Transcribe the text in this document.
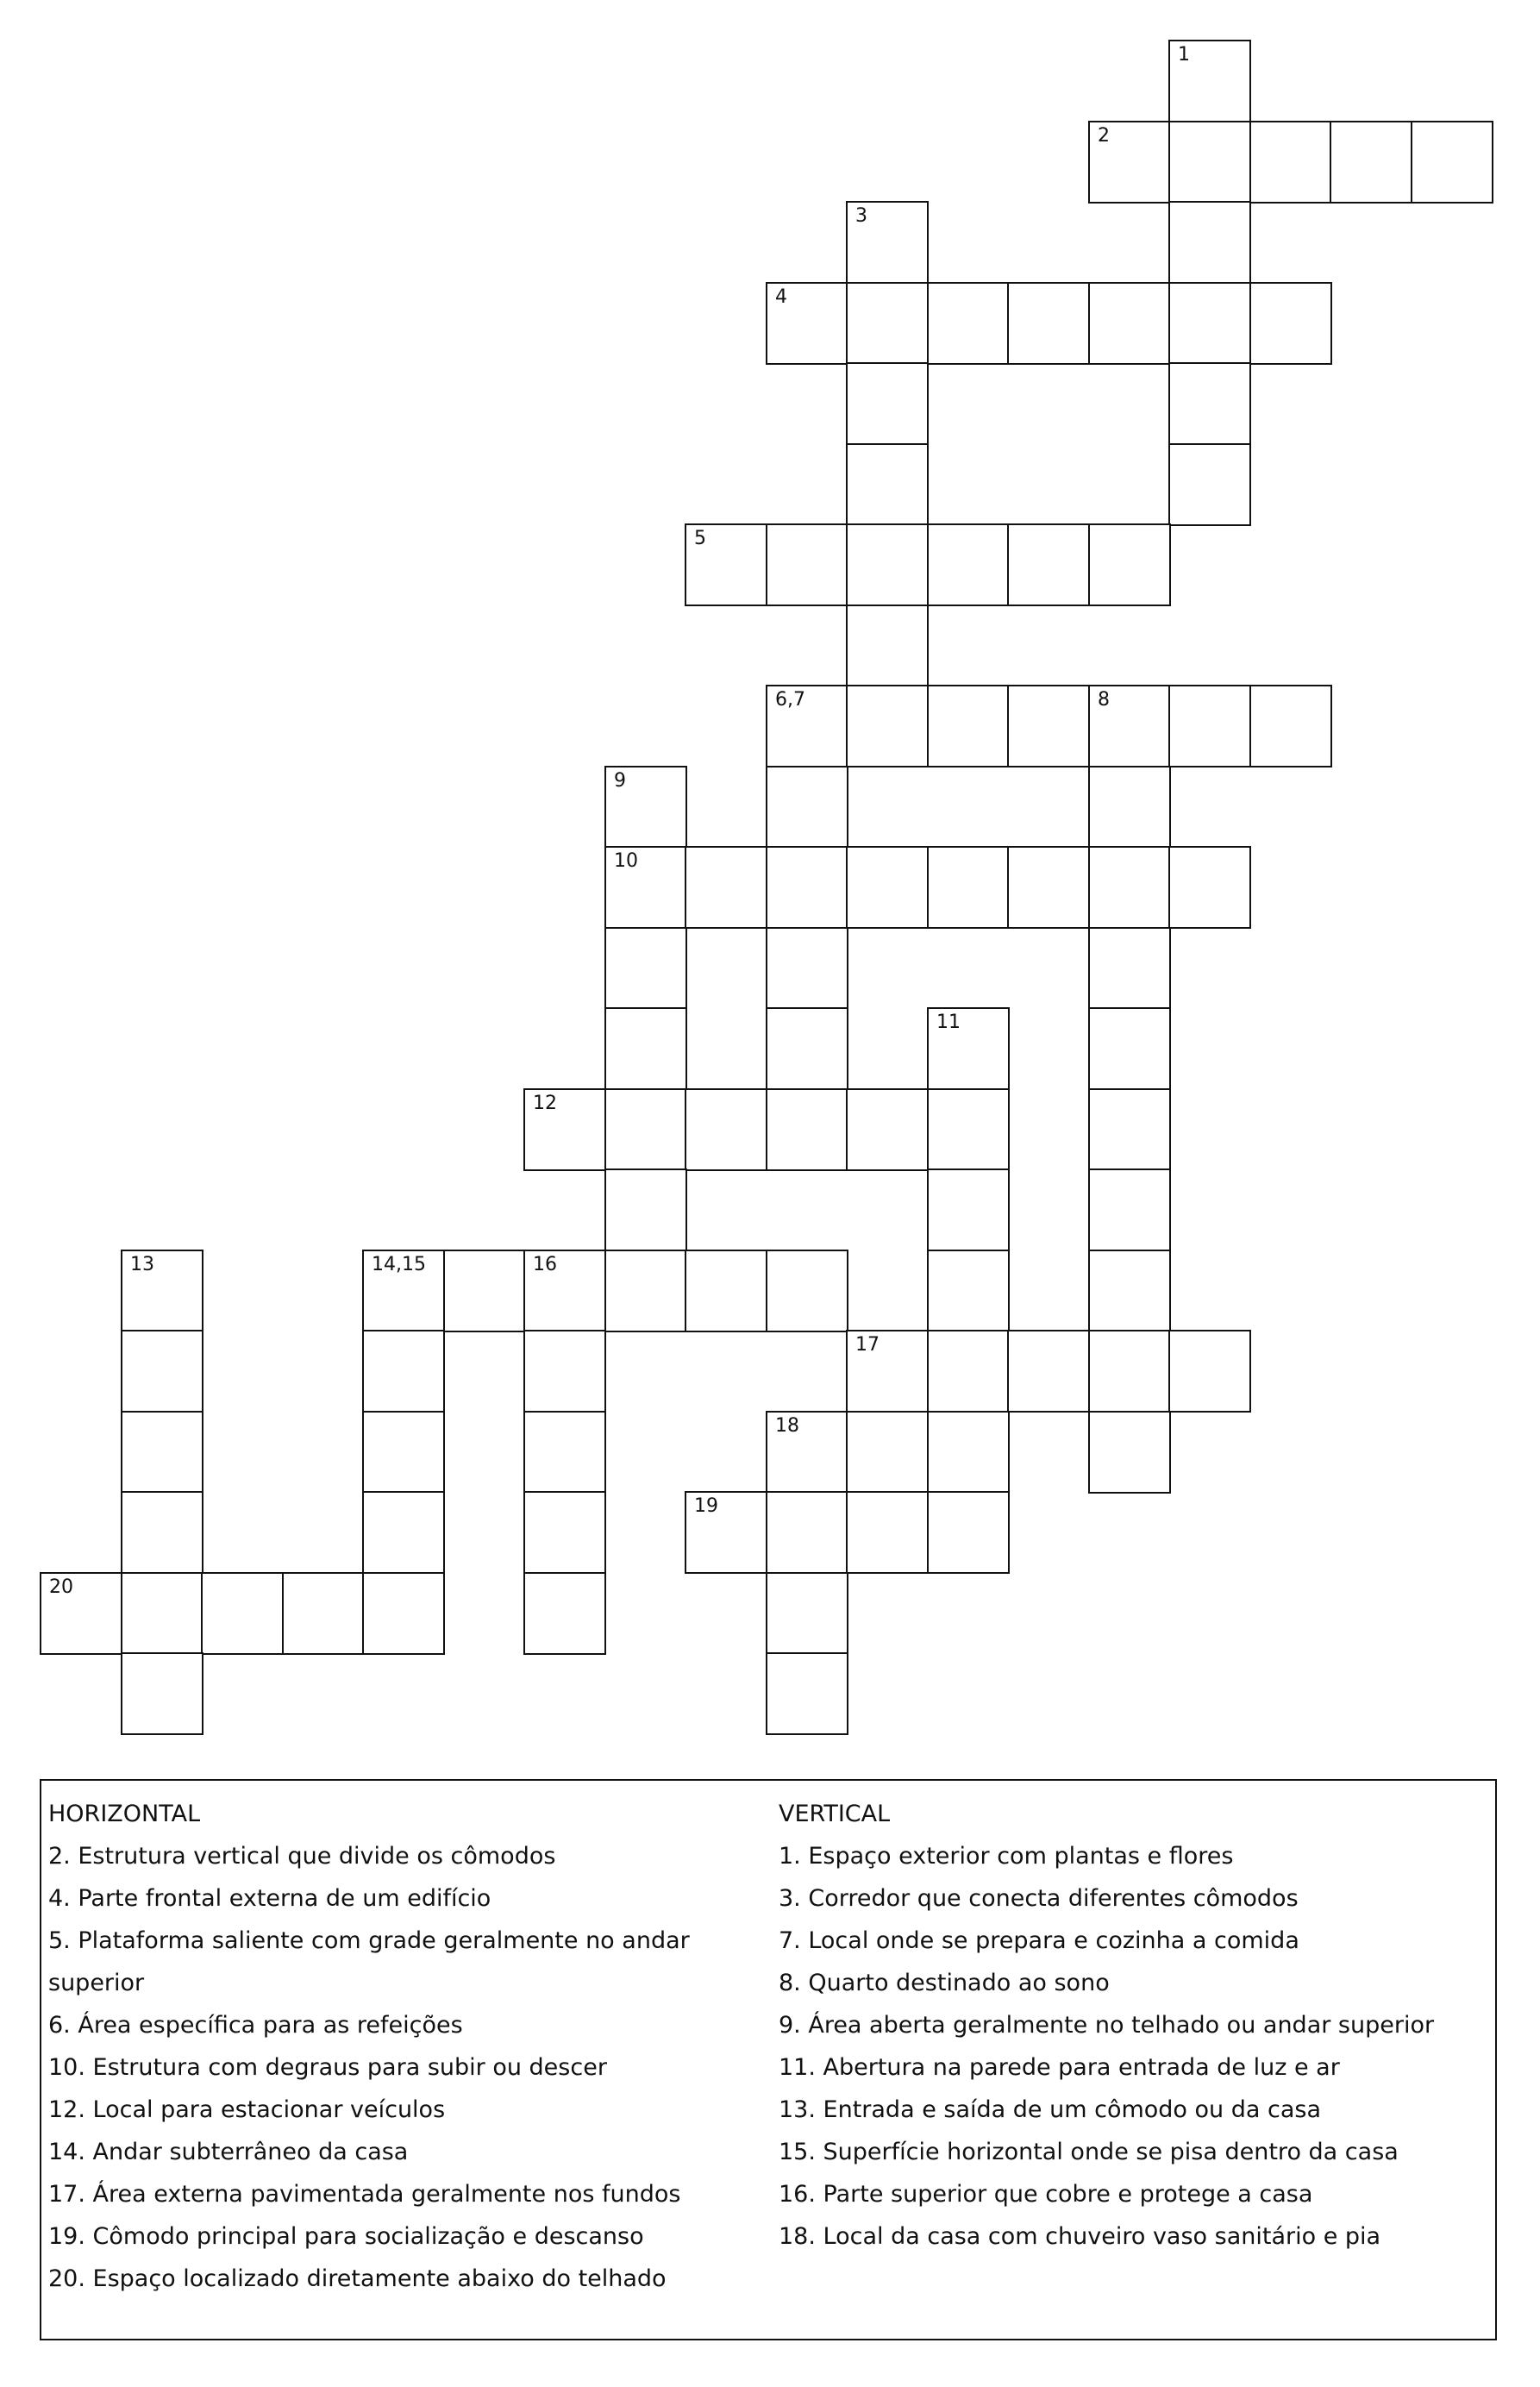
1
2
3
4
5
6,7	8
9
10
11
12
13	14,15	16
17
18
19
20
HORIZONTAL
2. Estrutura vertical que divide os cômodos
4. Parte frontal externa de um edifício
5. Plataforma saliente com grade geralmente no andar superior
6. Área específica para as refeições
10. Estrutura com degraus para subir ou descer
12. Local para estacionar veículos
14. Andar subterrâneo da casa
17. Área externa pavimentada geralmente nos fundos
19. Cômodo principal para socialização e descanso
20. Espaço localizado diretamente abaixo do telhado
VERTICAL
1. Espaço exterior com plantas e flores
3. Corredor que conecta diferentes cômodos
7. Local onde se prepara e cozinha a comida
8. Quarto destinado ao sono
9. Área aberta geralmente no telhado ou andar superior
11. Abertura na parede para entrada de luz e ar
13. Entrada e saída de um cômodo ou da casa
15. Superfície horizontal onde se pisa dentro da casa
16. Parte superior que cobre e protege a casa
18. Local da casa com chuveiro vaso sanitário e pia
